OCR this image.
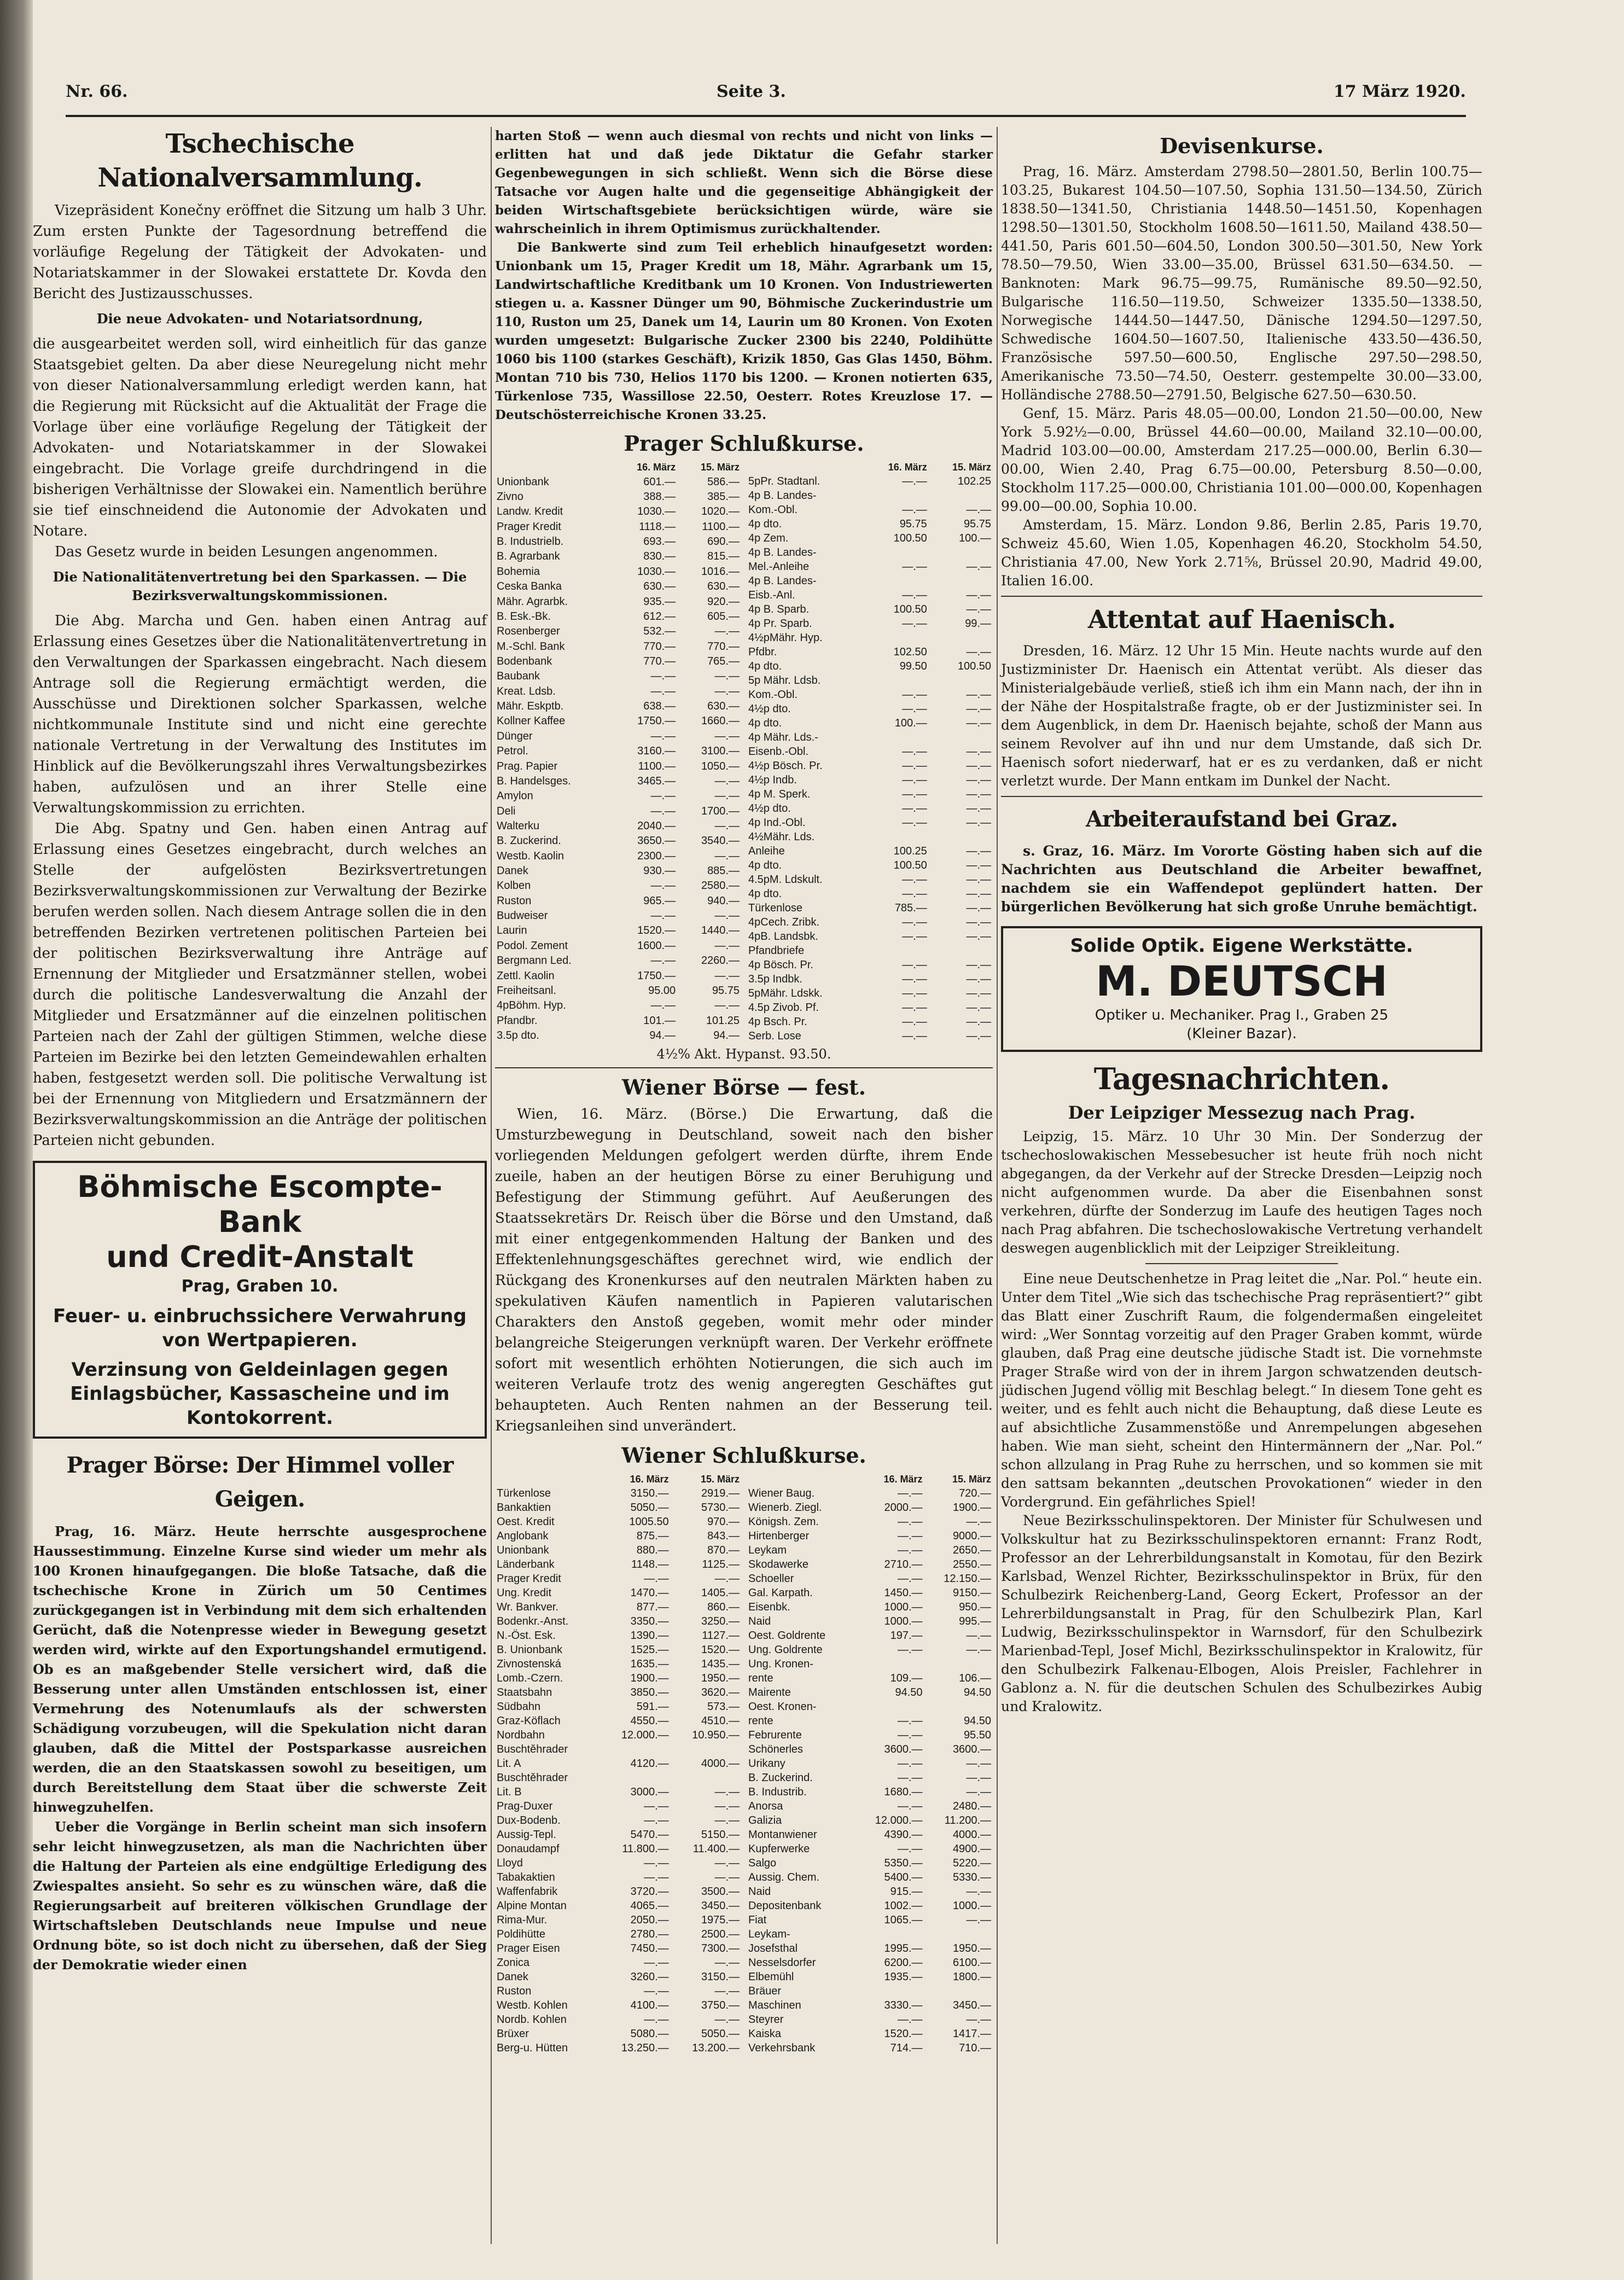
Nr. 66.	Seite 3.	17 März 1920.
Tschechische Nationalversammlung.

Vizepräsident Konečny eröffnet die Sitzung um halb 3 Uhr. Zum ersten Punkte der Tagesordnung betreffend die vorläufige Regelung der Tätigkeit der Advokaten- und Notariatskammer in der Slowakei erstattete Dr. Kovda den Bericht des Justizausschusses.

Die neue Advokaten- und Notariatsordnung,

die ausgearbeitet werden soll, wird einheitlich für das ganze Staatsgebiet gelten. Da aber diese Neuregelung nicht mehr von dieser Nationalversammlung erledigt werden kann, hat die Regierung mit Rücksicht auf die Aktualität der Frage die Vorlage über eine vorläufige Regelung der Tätigkeit der Advokaten- und Notariatskammer in der Slowakei eingebracht. Die Vorlage greife durchdringend in die bisherigen Verhältnisse der Slowakei ein. Namentlich berühre sie tief einschneidend die Autonomie der Advokaten und Notare.

Das Gesetz wurde in beiden Lesungen angenommen.

Die Nationalitätenvertretung bei den Sparkassen. — Die Bezirksverwaltungskommissionen.

Die Abg. Marcha und Gen. haben einen Antrag auf Erlassung eines Gesetzes über die Nationalitätenvertretung in den Verwaltungen der Sparkassen eingebracht. Nach diesem Antrage soll die Regierung ermächtigt werden, die Ausschüsse und Direktionen solcher Sparkassen, welche nichtkommunale Institute sind und nicht eine gerechte nationale Vertretung in der Verwaltung des Institutes im Hinblick auf die Bevölkerungszahl ihres Verwaltungsbezirkes haben, aufzulösen und an ihrer Stelle eine Verwaltungskommission zu errichten.

Die Abg. Spatny und Gen. haben einen Antrag auf Erlassung eines Gesetzes eingebracht, durch welches an Stelle der aufgelösten Bezirksvertretungen Bezirksverwaltungskommissionen zur Verwaltung der Bezirke berufen werden sollen. Nach diesem Antrage sollen die in den betreffenden Bezirken vertretenen politischen Parteien bei der politischen Bezirksverwaltung ihre Anträge auf Ernennung der Mitglieder und Ersatzmänner stellen, wobei durch die politische Landesverwaltung die Anzahl der Mitglieder und Ersatzmänner auf die einzelnen politischen Parteien nach der Zahl der gültigen Stimmen, welche diese Parteien im Bezirke bei den letzten Gemeindewahlen erhalten haben, festgesetzt werden soll. Die politische Verwaltung ist bei der Ernennung von Mitgliedern und Ersatzmännern der Bezirksverwaltungskommission an die Anträge der politischen Parteien nicht gebunden.

Böhmische Escompte-Bank
und Credit-Anstalt
Prag, Graben 10.
Feuer- u. einbruchssichere Verwahrung von Wertpapieren.
Verzinsung von Geldeinlagen gegen Einlagsbücher, Kassascheine und im Kontokorrent.
Prager Börse: Der Himmel voller Geigen.

Prag, 16. März. Heute herrschte ausgesprochene Haussestimmung. Einzelne Kurse sind wieder um mehr als 100 Kronen hinaufgegangen. Die bloße Tatsache, daß die tschechische Krone in Zürich um 50 Centimes zurückgegangen ist in Verbindung mit dem sich erhaltenden Gerücht, daß die Notenpresse wieder in Bewegung gesetzt werden wird, wirkte auf den Exportungshandel ermutigend. Ob es an maßgebender Stelle versichert wird, daß die Besserung unter allen Umständen entschlossen ist, einer Vermehrung des Notenumlaufs als der schwersten Schädigung vorzubeugen, will die Spekulation nicht daran glauben, daß die Mittel der Postsparkasse ausreichen werden, die an den Staatskassen sowohl zu beseitigen, um durch Bereitstellung dem Staat über die schwerste Zeit hinwegzuhelfen.

Ueber die Vorgänge in Berlin scheint man sich insofern sehr leicht hinwegzusetzen, als man die Nachrichten über die Haltung der Parteien als eine endgültige Erledigung des Zwiespaltes ansieht. So sehr es zu wünschen wäre, daß die Regierungsarbeit auf breiteren völkischen Grundlage der Wirtschaftsleben Deutschlands neue Impulse und neue Ordnung böte, so ist doch nicht zu übersehen, daß der Sieg der Demokratie wieder einen

harten Stoß — wenn auch diesmal von rechts und nicht von links — erlitten hat und daß jede Diktatur die Gefahr starker Gegenbewegungen in sich schließt. Wenn sich die Börse diese Tatsache vor Augen halte und die gegenseitige Abhängigkeit der beiden Wirtschaftsgebiete berücksichtigen würde, wäre sie wahrscheinlich in ihrem Optimismus zurückhaltender.

Die Bankwerte sind zum Teil erheblich hinaufgesetzt worden: Unionbank um 15, Prager Kredit um 18, Mähr. Agrarbank um 15, Landwirtschaftliche Kreditbank um 10 Kronen. Von Industriewerten stiegen u. a. Kassner Dünger um 90, Böhmische Zuckerindustrie um 110, Ruston um 25, Danek um 14, Laurin um 80 Kronen. Von Exoten wurden umgesetzt: Bulgarische Zucker 2300 bis 2240, Poldihütte 1060 bis 1100 (starkes Geschäft), Krizik 1850, Gas Glas 1450, Böhm. Montan 710 bis 730, Helios 1170 bis 1200. — Kronen notierten 635, Türkenlose 735, Wassillose 22.50, Oesterr. Rotes Kreuzlose 17. — Deutschösterreichische Kronen 33.25.

Prager Schlußkurse.
	16. März	15. März
Unionbank	601.—	586.—
Zivno	388.—	385.—
Landw. Kredit	1030.—	1020.—
Prager Kredit	1118.—	1100.—
B. Industrielb.	693.—	690.—
B. Agrarbank	830.—	815.—
Bohemia	1030.—	1016.—
Ceska Banka	630.—	630.—
Mähr. Agrarbk.	935.—	920.—
B. Esk.-Bk.	612.—	605.—
Rosenberger	532.—	—.—
M.-Schl. Bank	770.—	770.—
Bodenbank	770.—	765.—
Baubank	—.—	—.—
Kreat. Ldsb.	—.—	—.—
Mähr. Eskptb.	638.—	630.—
Kollner Kaffee	1750.—	1660.—
Dünger	—.—	—.—
Petrol.	3160.—	3100.—
Prag. Papier	1100.—	1050.—
B. Handelsges.	3465.—	—.—
Amylon	—.—	—.—
Deli	—.—	1700.—
Walterku	2040.—	—.—
B. Zuckerind.	3650.—	3540.—
Westb. Kaolin	2300.—	—.—
Danek	930.—	885.—
Kolben	—.—	2580.—
Ruston	965.—	940.—
Budweiser	—.—	—.—
Laurin	1520.—	1440.—
Podol. Zement	1600.—	—.—
Bergmann Led.	—.—	2260.—
Zettl. Kaolin	1750.—	—.—
Freiheitsanl.	95.00	95.75
4pBöhm. Hyp.	—.—	—.—
Pfandbr.	101.—	101.25
3.5p dto.	94.—	94.—
	16. März	15. März
5pPr. Stadtanl.	—.—	102.25
4p B. Landes-		
Kom.-Obl.	—.—	—.—
4p dto.	95.75	95.75
4p Zem.	100.50	100.—
4p B. Landes-		
Mel.-Anleihe	—.—	—.—
4p B. Landes-		
Eisb.-Anl.	—.—	—.—
4p B. Sparb.	100.50	—.—
4p Pr. Sparb.	—.—	99.—
4½pMähr. Hyp.		
Pfdbr.	102.50	—.—
4p dto.	99.50	100.50
5p Mähr. Ldsb.		
Kom.-Obl.	—.—	—.—
4½p dto.	—.—	—.—
4p dto.	100.—	—.—
4p Mähr. Lds.-		
Eisenb.-Obl.	—.—	—.—
4½p Bösch. Pr.	—.—	—.—
4½p Indb.	—.—	—.—
4p M. Sperk.	—.—	—.—
4½p dto.	—.—	—.—
4p Ind.-Obl.	—.—	—.—
4½Mähr. Lds.		
Anleihe	100.25	—.—
4p dto.	100.50	—.—
4.5pM. Ldskult.	—.—	—.—
4p dto.	—.—	—.—
Türkenlose	785.—	—.—
4pCech. Zribk.	—.—	—.—
4pB. Landsbk.	—.—	—.—
Pfandbriefe		
4p Bösch. Pr.	—.—	—.—
3.5p Indbk.	—.—	—.—
5pMähr. Ldskk.	—.—	—.—
4.5p Zivob. Pf.	—.—	—.—
4p Bsch. Pr.	—.—	—.—
Serb. Lose	—.—	—.—
4½% Akt. Hypanst. 93.50.
Wiener Börse — fest.

Wien, 16. März. (Börse.) Die Erwartung, daß die Umsturzbewegung in Deutschland, soweit nach den bisher vorliegenden Meldungen gefolgert werden dürfte, ihrem Ende zueile, haben an der heutigen Börse zu einer Beruhigung und Befestigung der Stimmung geführt. Auf Aeußerungen des Staatssekretärs Dr. Reisch über die Börse und den Umstand, daß mit einer entgegenkommenden Haltung der Banken und des Effektenlehnungsgeschäftes gerechnet wird, wie endlich der Rückgang des Kronenkurses auf den neutralen Märkten haben zu spekulativen Käufen namentlich in Papieren valutarischen Charakters den Anstoß gegeben, womit mehr oder minder belangreiche Steigerungen verknüpft waren. Der Verkehr eröffnete sofort mit wesentlich erhöhten Notierungen, die sich auch im weiteren Verlaufe trotz des wenig angeregten Geschäftes gut behaupteten. Auch Renten nahmen an der Besserung teil. Kriegsanleihen sind unverändert.

Wiener Schlußkurse.
	16. März	15. März
Türkenlose	3150.—	2919.—
Bankaktien	5050.—	5730.—
Oest. Kredit	1005.50	970.—
Anglobank	875.—	843.—
Unionbank	880.—	870.—
Länderbank	1148.—	1125.—
Prager Kredit	—.—	—.—
Ung. Kredit	1470.—	1405.—
Wr. Bankver.	877.—	860.—
Bodenkr.-Anst.	3350.—	3250.—
N.-Öst. Esk.	1390.—	1127.—
B. Unionbank	1525.—	1520.—
Zivnostenská	1635.—	1435.—
Lomb.-Czern.	1900.—	1950.—
Staatsbahn	3850.—	3620.—
Südbahn	591.—	573.—
Graz-Köflach	4550.—	4510.—
Nordbahn	12.000.—	10.950.—
Buschtěhrader		
Lit. A	4120.—	4000.—
Buschtěhrader		
Lit. B	3000.—	—.—
Prag-Duxer	—.—	—.—
Dux-Bodenb.	—.—	—.—
Aussig-Tepl.	5470.—	5150.—
Donaudampf	11.800.—	11.400.—
Lloyd	—.—	—.—
Tabakaktien	—.—	—.—
Waffenfabrik	3720.—	3500.—
Alpine Montan	4065.—	3450.—
Rima-Mur.	2050.—	1975.—
Poldihütte	2780.—	2500.—
Prager Eisen	7450.—	7300.—
Zonica	—.—	—.—
Danek	3260.—	3150.—
Ruston	—.—	—.—
Westb. Kohlen	4100.—	3750.—
Nordb. Kohlen	—.—	—.—
Brüxer	5080.—	5050.—
Berg-u. Hütten	13.250.—	13.200.—
	16. März	15. März
Wiener Baug.	—.—	720.—
Wienerb. Ziegl.	2000.—	1900.—
Königsh. Zem.	—.—	—.—
Hirtenberger	—.—	9000.—
Leykam	—.—	2650.—
Skodawerke	2710.—	2550.—
Schoeller	—.—	12.150.—
Gal. Karpath.	1450.—	9150.—
Eisenbk.	1000.—	950.—
Naid	1000.—	995.—
Oest. Goldrente	197.—	—.—
Ung. Goldrente	—.—	—.—
Ung. Kronen-		
rente	109.—	106.—
Mairente	94.50	94.50
Oest. Kronen-		
rente	—.—	94.50
Februrente	—.—	95.50
Schönerles	3600.—	3600.—
Urikany	—.—	—.—
B. Zuckerind.	—.—	—.—
B. Industrib.	1680.—	—.—
Anorsa	—.—	2480.—
Galizia	12.000.—	11.200.—
Montanwiener	4390.—	4000.—
Kupferwerke	—.—	4900.—
Salgo	5350.—	5220.—
Aussig. Chem.	5400.—	5330.—
Naid	915.—	—.—
Depositenbank	1002.—	1000.—
Fiat	1065.—	—.—
Leykam-		
Josefsthal	1995.—	1950.—
Nesselsdorfer	6200.—	6100.—
Elbemühl	1935.—	1800.—
Bräuer		
Maschinen	3330.—	3450.—
Steyrer	—.—	—.—
Kaiska	1520.—	1417.—
Verkehrsbank	714.—	710.—
Devisenkurse.

Prag, 16. März. Amsterdam 2798.50—2801.50, Berlin 100.75—103.25, Bukarest 104.50—107.50, Sophia 131.50—134.50, Zürich 1838.50—1341.50, Christiania 1448.50—1451.50, Kopenhagen 1298.50—1301.50, Stockholm 1608.50—1611.50, Mailand 438.50—441.50, Paris 601.50—604.50, London 300.50—301.50, New York 78.50—79.50, Wien 33.00—35.00, Brüssel 631.50—634.50. — Banknoten: Mark 96.75—99.75, Rumänische 89.50—92.50, Bulgarische 116.50—119.50, Schweizer 1335.50—1338.50, Norwegische 1444.50—1447.50, Dänische 1294.50—1297.50, Schwedische 1604.50—1607.50, Italienische 433.50—436.50, Französische 597.50—600.50, Englische 297.50—298.50, Amerikanische 73.50—74.50, Oesterr. gestempelte 30.00—33.00, Holländische 2788.50—2791.50, Belgische 627.50—630.50.

Genf, 15. März. Paris 48.05—00.00, London 21.50—00.00, New York 5.92½—0.00, Brüssel 44.60—00.00, Mailand 32.10—00.00, Madrid 103.00—00.00, Amsterdam 217.25—000.00, Berlin 6.30—00.00, Wien 2.40, Prag 6.75—00.00, Petersburg 8.50—0.00, Stockholm 117.25—000.00, Christiania 101.00—000.00, Kopenhagen 99.00—00.00, Sophia 10.00.

Amsterdam, 15. März. London 9.86, Berlin 2.85, Paris 19.70, Schweiz 45.60, Wien 1.05, Kopenhagen 46.20, Stockholm 54.50, Christiania 47.00, New York 2.71⅝, Brüssel 20.90, Madrid 49.00, Italien 16.00.

Attentat auf Haenisch.

Dresden, 16. März. 12 Uhr 15 Min. Heute nachts wurde auf den Justizminister Dr. Haenisch ein Attentat verübt. Als dieser das Ministerialgebäude verließ, stieß ich ihm ein Mann nach, der ihn in der Nähe der Hospitalstraße fragte, ob er der Justizminister sei. In dem Augenblick, in dem Dr. Haenisch bejahte, schoß der Mann aus seinem Revolver auf ihn und nur dem Umstande, daß sich Dr. Haenisch sofort niederwarf, hat er es zu verdanken, daß er nicht verletzt wurde. Der Mann entkam im Dunkel der Nacht.

Arbeiteraufstand bei Graz.

s. Graz, 16. März. Im Vororte Gösting haben sich auf die Nachrichten aus Deutschland die Arbeiter bewaffnet, nachdem sie ein Waffendepot geplündert hatten. Der bürgerlichen Bevölkerung hat sich große Unruhe bemächtigt.

Solide Optik. Eigene Werkstätte.
M. DEUTSCH
Optiker u. Mechaniker. Prag I., Graben 25
(Kleiner Bazar).
Tagesnachrichten.
Der Leipziger Messezug nach Prag.

Leipzig, 15. März. 10 Uhr 30 Min. Der Sonderzug der tschechoslowakischen Messebesucher ist heute früh noch nicht abgegangen, da der Verkehr auf der Strecke Dresden—Leipzig noch nicht aufgenommen wurde. Da aber die Eisenbahnen sonst verkehren, dürfte der Sonderzug im Laufe des heutigen Tages noch nach Prag abfahren. Die tschechoslowakische Vertretung verhandelt deswegen augenblicklich mit der Leipziger Streikleitung.

Eine neue Deutschenhetze in Prag leitet die „Nar. Pol.“ heute ein. Unter dem Titel „Wie sich das tschechische Prag repräsentiert?“ gibt das Blatt einer Zuschrift Raum, die folgendermaßen eingeleitet wird: „Wer Sonntag vorzeitig auf den Prager Graben kommt, würde glauben, daß Prag eine deutsche jüdische Stadt ist. Die vornehmste Prager Straße wird von der in ihrem Jargon schwatzenden deutsch-jüdischen Jugend völlig mit Beschlag belegt.“ In diesem Tone geht es weiter, und es fehlt auch nicht die Behauptung, daß diese Leute es auf absichtliche Zusammenstöße und Anrempelungen abgesehen haben. Wie man sieht, scheint den Hintermännern der „Nar. Pol.“ schon allzulang in Prag Ruhe zu herrschen, und so kommen sie mit den sattsam bekannten „deutschen Provokationen“ wieder in den Vordergrund. Ein gefährliches Spiel!

Neue Bezirksschulinspektoren. Der Minister für Schulwesen und Volkskultur hat zu Bezirksschulinspektoren ernannt: Franz Rodt, Professor an der Lehrerbildungsanstalt in Komotau, für den Bezirk Karlsbad, Wenzel Richter, Bezirksschulinspektor in Brüx, für den Schulbezirk Reichenberg-Land, Georg Eckert, Professor an der Lehrerbildungsanstalt in Prag, für den Schulbezirk Plan, Karl Ludwig, Bezirksschulinspektor in Warnsdorf, für den Schulbezirk Marienbad-Tepl, Josef Michl, Bezirksschulinspektor in Kralowitz, für den Schulbezirk Falkenau-Elbogen, Alois Preisler, Fachlehrer in Gablonz a. N. für die deutschen Schulen des Schulbezirkes Aubig und Kralowitz.
